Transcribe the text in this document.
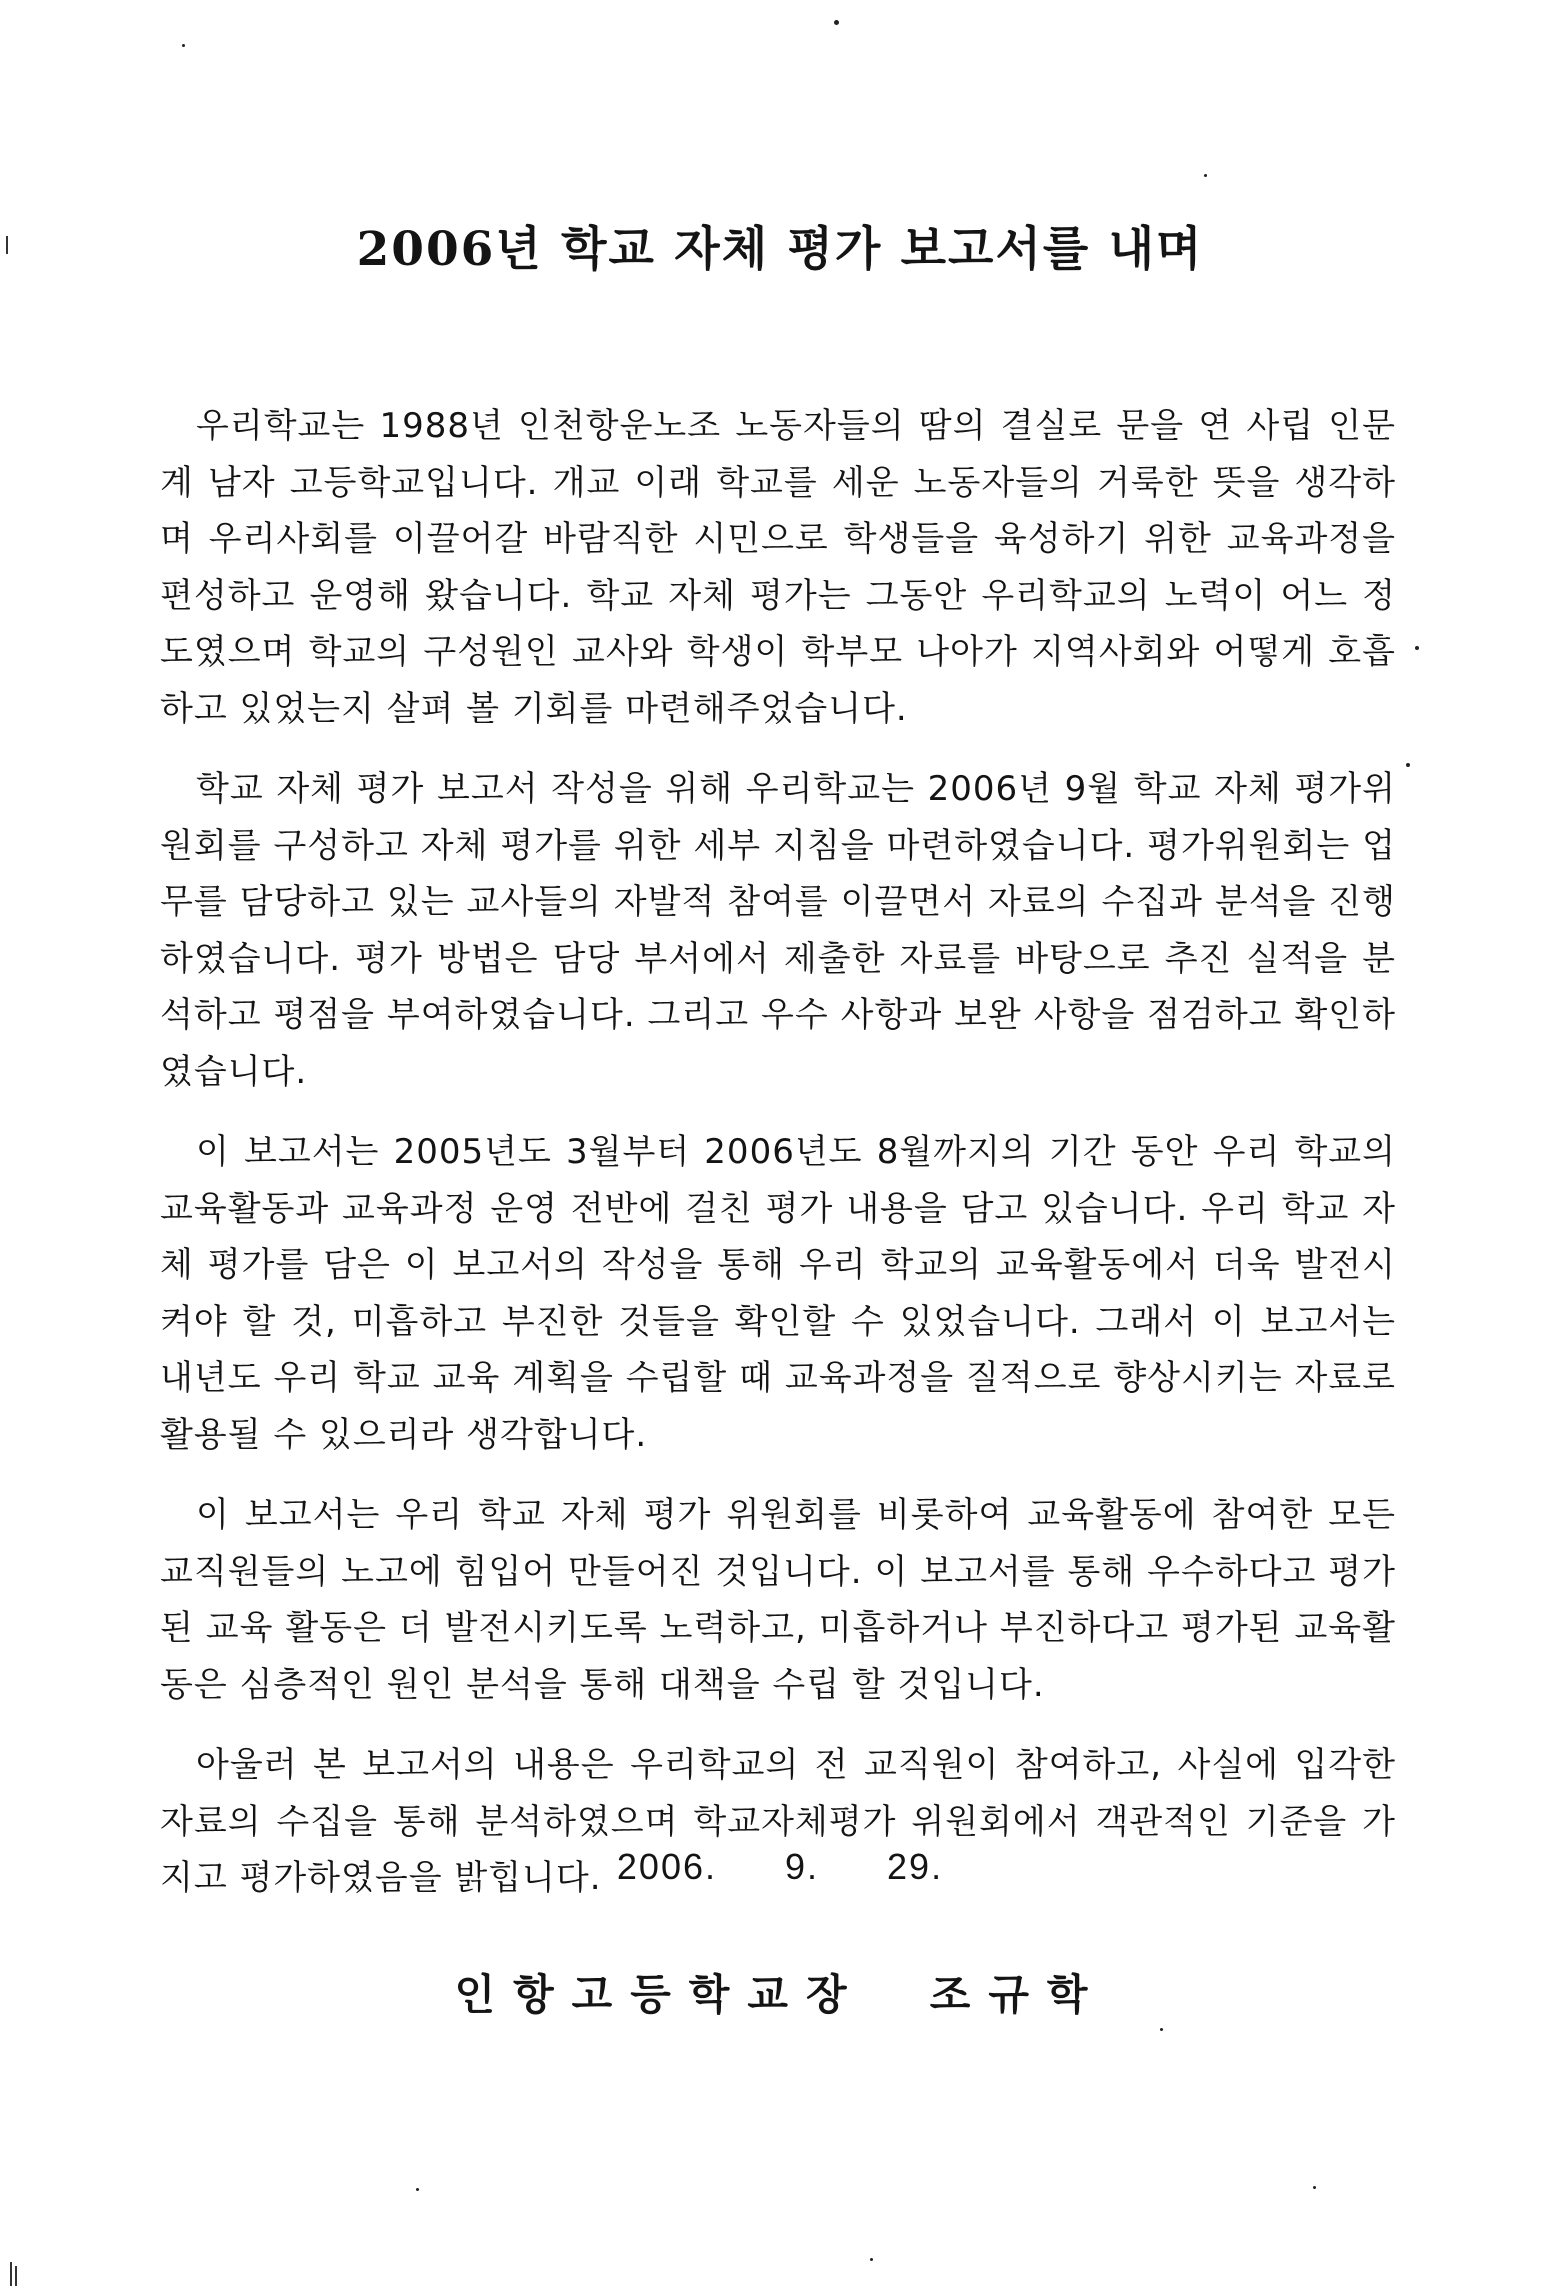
2006년 학교 자체 평가 보고서를 내며

우리학교는 1988년 인천항운노조 노동자들의 땀의 결실로 문을 연 사립 인문계 남자 고등학교입니다. 개교 이래 학교를 세운 노동자들의 거룩한 뜻을 생각하며 우리사회를 이끌어갈 바람직한 시민으로 학생들을 육성하기 위한 교육과정을 편성하고 운영해 왔습니다. 학교 자체 평가는 그동안 우리학교의 노력이 어느 정도였으며 학교의 구성원인 교사와 학생이 학부모 나아가 지역사회와 어떻게 호흡하고 있었는지 살펴 볼 기회를 마련해주었습니다.

학교 자체 평가 보고서 작성을 위해 우리학교는 2006년 9월 학교 자체 평가위원회를 구성하고 자체 평가를 위한 세부 지침을 마련하였습니다. 평가위원회는 업무를 담당하고 있는 교사들의 자발적 참여를 이끌면서 자료의 수집과 분석을 진행하였습니다. 평가 방법은 담당 부서에서 제출한 자료를 바탕으로 추진 실적을 분석하고 평점을 부여하였습니다. 그리고 우수 사항과 보완 사항을 점검하고 확인하였습니다.

이 보고서는 2005년도 3월부터 2006년도 8월까지의 기간 동안 우리 학교의 교육활동과 교육과정 운영 전반에 걸친 평가 내용을 담고 있습니다. 우리 학교 자체 평가를 담은 이 보고서의 작성을 통해 우리 학교의 교육활동에서 더욱 발전시켜야 할 것, 미흡하고 부진한 것들을 확인할 수 있었습니다. 그래서 이 보고서는 내년도 우리 학교 교육 계획을 수립할 때 교육과정을 질적으로 향상시키는 자료로 활용될 수 있으리라 생각합니다.

이 보고서는 우리 학교 자체 평가 위원회를 비롯하여 교육활동에 참여한 모든 교직원들의 노고에 힘입어 만들어진 것입니다. 이 보고서를 통해 우수하다고 평가된 교육 활동은 더 발전시키도록 노력하고, 미흡하거나 부진하다고 평가된 교육활동은 심층적인 원인 분석을 통해 대책을 수립 할 것입니다.

아울러 본 보고서의 내용은 우리학교의 전 교직원이 참여하고, 사실에 입각한 자료의 수집을 통해 분석하였으며 학교자체평가 위원회에서 객관적인 기준을 가지고 평가하였음을 밝힙니다. 2006.  9.  29.
인항고등학교장  조규학
